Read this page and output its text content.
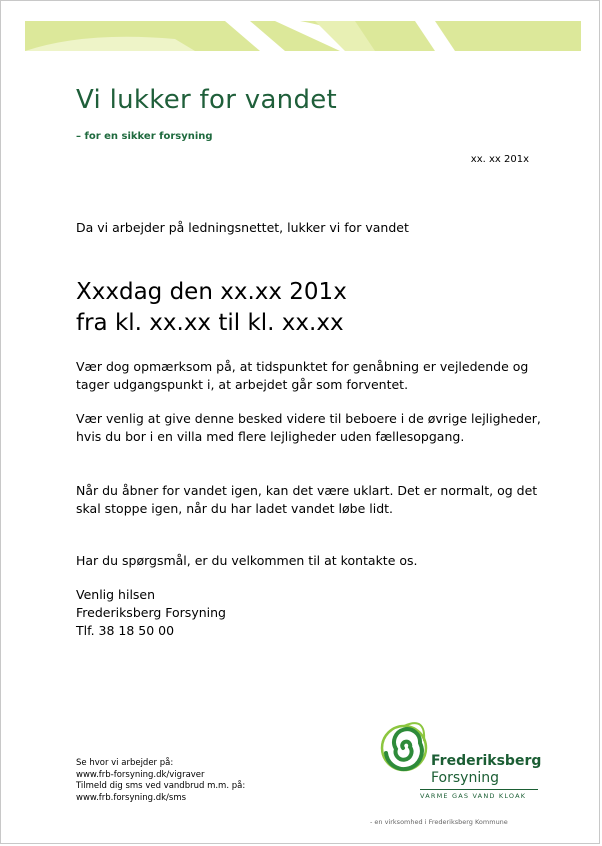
Vi lukker for vandet
– for en sikker forsyning
xx. xx 201x
Da vi arbejder på ledningsnettet, lukker vi for vandet
Xxxdag den xx.xx 201x
fra kl. xx.xx til kl. xx.xx
Vær dog opmærksom på, at tidspunktet for genåbning er vejledende og tager udgangspunkt i, at arbejdet går som forventet.
Vær venlig at give denne besked videre til beboere i de øvrige lejligheder, hvis du bor i en villa med flere lejligheder uden fællesopgang.
Når du åbner for vandet igen, kan det være uklart. Det er normalt, og det skal stoppe igen, når du har ladet vandet løbe lidt.
Har du spørgsmål, er du velkommen til at kontakte os.
Venlig hilsen
Frederiksberg Forsyning
Tlf. 38 18 50 00
Se hvor vi arbejder på:
www.frb-forsyning.dk/vigraver
Tilmeld dig sms ved vandbrud m.m. på:
www.frb.forsyning.dk/sms
Frederiksberg
Forsyning
VARME GAS VAND KLOAK
- en virksomhed i Frederiksberg Kommune
